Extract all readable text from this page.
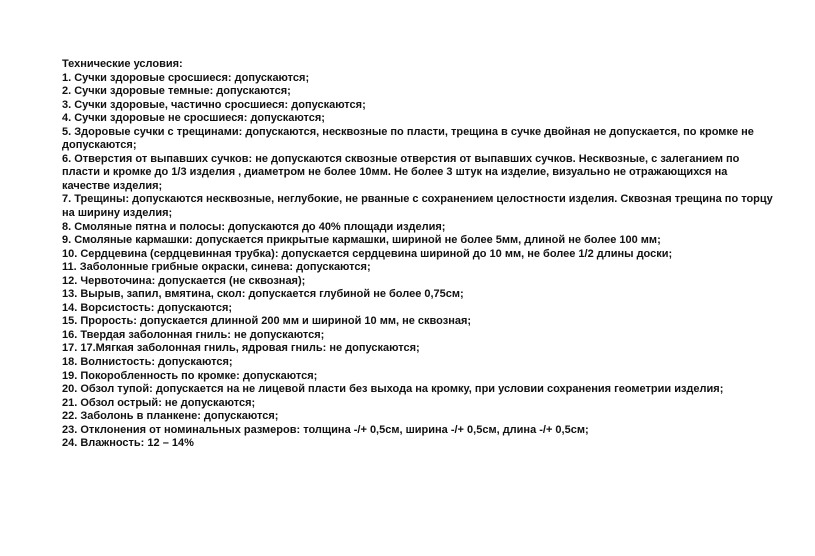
Технические условия:

1. Сучки здоровые сросшиеся: допускаются;

2. Сучки здоровые темные: допускаются;

3. Сучки здоровые, частично сросшиеся: допускаются;

4. Сучки здоровые не сросшиеся: допускаются;

5. Здоровые сучки с трещинами: допускаются, несквозные по пласти, трещина в сучке двойная не допускается, по кромке не допускаются;

6. Отверстия от выпавших сучков: не допускаются сквозные отверстия от выпавших сучков. Несквозные, с залеганием по пласти и кромке до 1/3 изделия , диаметром не более 10мм. Не более 3 штук на изделие, визуально не отражающихся на качестве изделия;

7. Трещины: допускаются несквозные, неглубокие, не рванные с сохранением целостности изделия. Сквозная трещина по торцу на ширину изделия;

8. Смоляные пятна и полосы: допускаются до 40% площади изделия;

9. Смоляные кармашки: допускается прикрытые кармашки, шириной не более 5мм, длиной не более 100 мм;

10. Сердцевина (сердцевинная трубка): допускается сердцевина шириной до 10 мм, не более 1/2 длины доски;

11. Заболонные грибные окраски, синева: допускаются;

12. Червоточина: допускается (не сквозная);

13. Вырыв, запил, вмятина, скол: допускается глубиной не более 0,75см;

14. Ворсистость: допускаются;

15. Прорость: допускается длинной 200 мм и шириной 10 мм, не сквозная;

16. Твердая заболонная гниль: не допускаются;

17. 17.Мягкая заболонная гниль, ядровая гниль: не допускаются;

18. Волнистость: допускаются;

19. Покоробленность по кромке: допускаются;

20. Обзол тупой: допускается на не лицевой пласти без выхода на кромку, при условии сохранения геометрии изделия;

21. Обзол острый: не допускаются;

22. Заболонь в планкене: допускаются;

23. Отклонения от номинальных размеров: толщина -/+ 0,5см, ширина -/+ 0,5см, длина -/+ 0,5см;

24. Влажность: 12 – 14%
